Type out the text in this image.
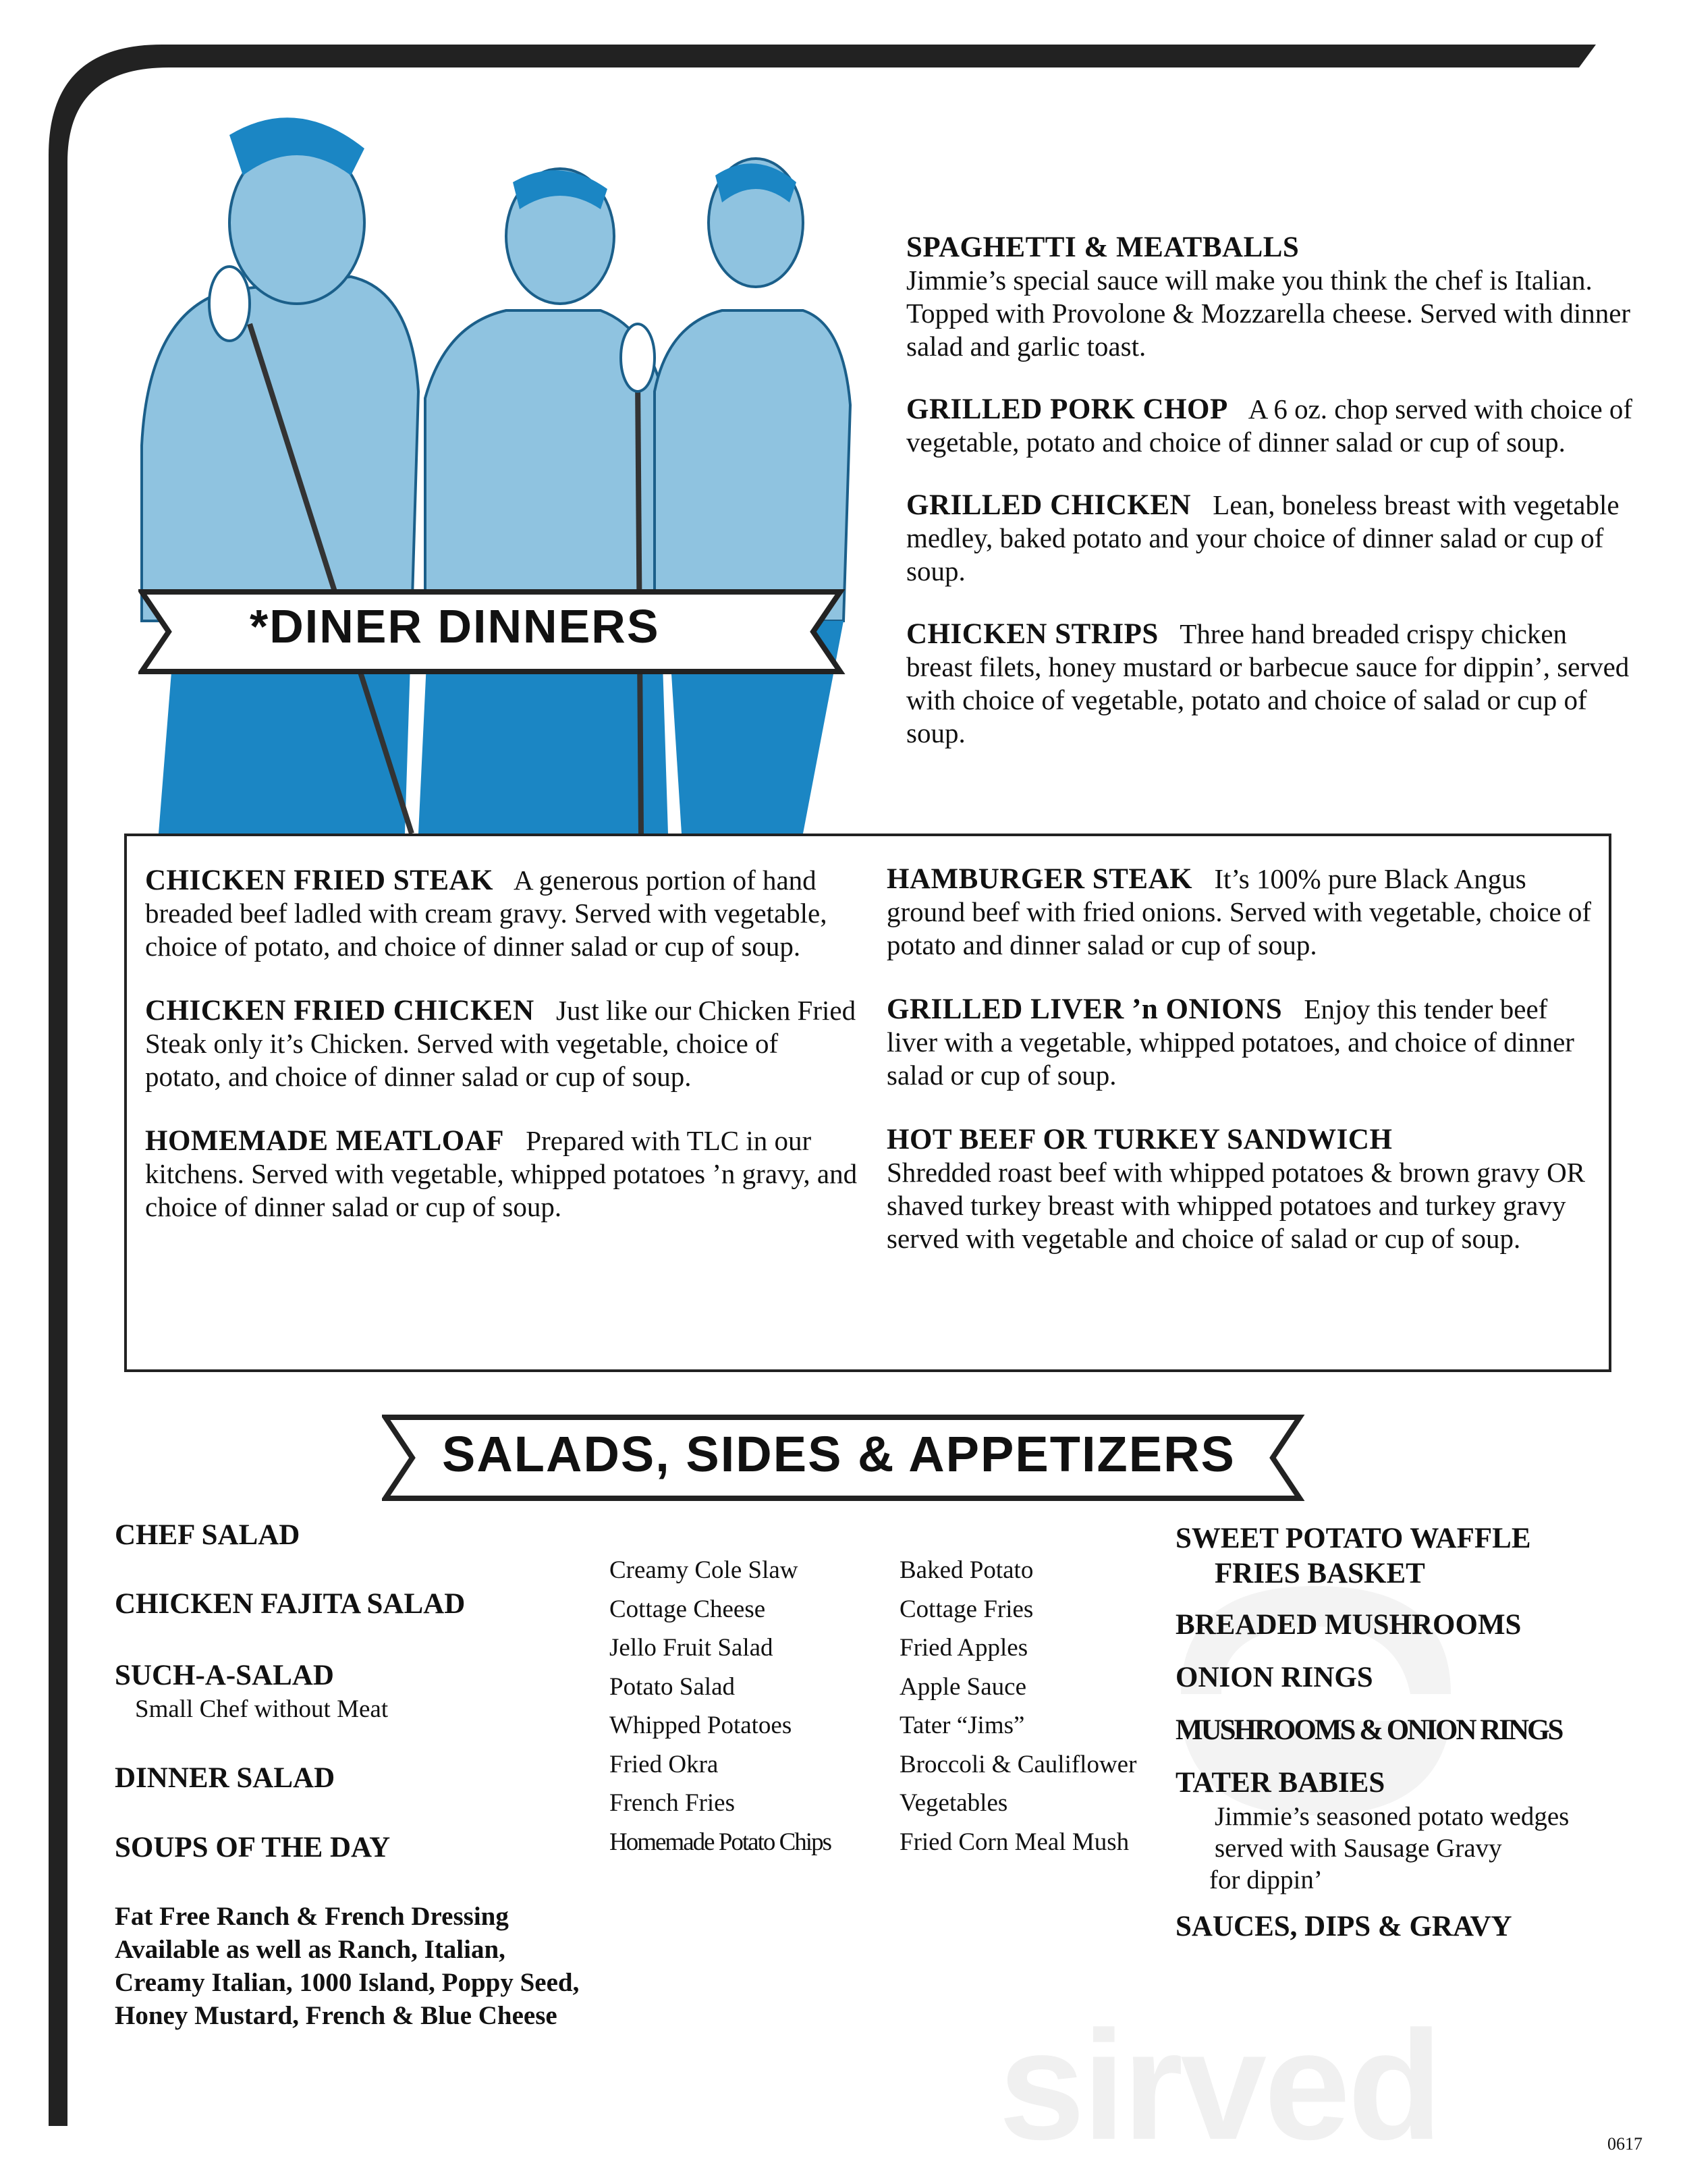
*DINER DINNERS
SPAGHETTI & MEATBALLS
Jimmie’s special sauce will make you think the chef is Italian. Topped with Provolone & Mozzarella cheese. Served with dinner salad and garlic toast.
GRILLED PORK CHOP A 6 oz. chop served with choice of vegetable, potato and choice of dinner salad or cup of soup.
GRILLED CHICKEN Lean, boneless breast with vegetable medley, baked potato and your choice of dinner salad or cup of soup.
CHICKEN STRIPS Three hand breaded crispy chicken breast filets, honey mustard or barbecue sauce for dippin’, served with choice of vegetable, potato and choice of salad or cup of soup.
CHICKEN FRIED STEAK A generous portion of hand breaded beef ladled with cream gravy. Served with vegetable, choice of potato, and choice of dinner salad or cup of soup.
CHICKEN FRIED CHICKEN Just like our Chicken Fried Steak only it’s Chicken. Served with vegetable, choice of potato, and choice of dinner salad or cup of soup.
HOMEMADE MEATLOAF Prepared with TLC in our kitchens. Served with vegetable, whipped potatoes ’n gravy, and choice of dinner salad or cup of soup.
HAMBURGER STEAK It’s 100% pure Black Angus ground beef with fried onions. Served with vegetable, choice of potato and dinner salad or cup of soup.
GRILLED LIVER ’n ONIONS Enjoy this tender beef liver with a vegetable, whipped potatoes, and choice of dinner salad or cup of soup.
HOT BEEF OR TURKEY SANDWICH
Shredded roast beef with whipped potatoes & brown gravy OR shaved turkey breast with whipped potatoes and turkey gravy served with vegetable and choice of salad or cup of soup.
SALADS, SIDES & APPETIZERS
sirved
CHEF SALAD
CHICKEN FAJITA SALAD
SUCH-A-SALAD
Small Chef without Meat
DINNER SALAD
SOUPS OF THE DAY
Fat Free Ranch & French Dressing
Available as well as Ranch, Italian,
Creamy Italian, 1000 Island, Poppy Seed,
Honey Mustard, French & Blue Cheese
Creamy Cole Slaw
Cottage Cheese
Jello Fruit Salad
Potato Salad
Whipped Potatoes
Fried Okra
French Fries
Homemade Potato Chips
Baked Potato
Cottage Fries
Fried Apples
Apple Sauce
Tater “Jims”
Broccoli & Cauliflower
Vegetables
Fried Corn Meal Mush
SWEET POTATO WAFFLE
FRIES BASKET
BREADED MUSHROOMS
ONION RINGS
MUSHROOMS & ONION RINGS
TATER BABIES
Jimmie’s seasoned potato wedges
served with Sausage Gravy
for dippin’
SAUCES, DIPS & GRAVY
0617
